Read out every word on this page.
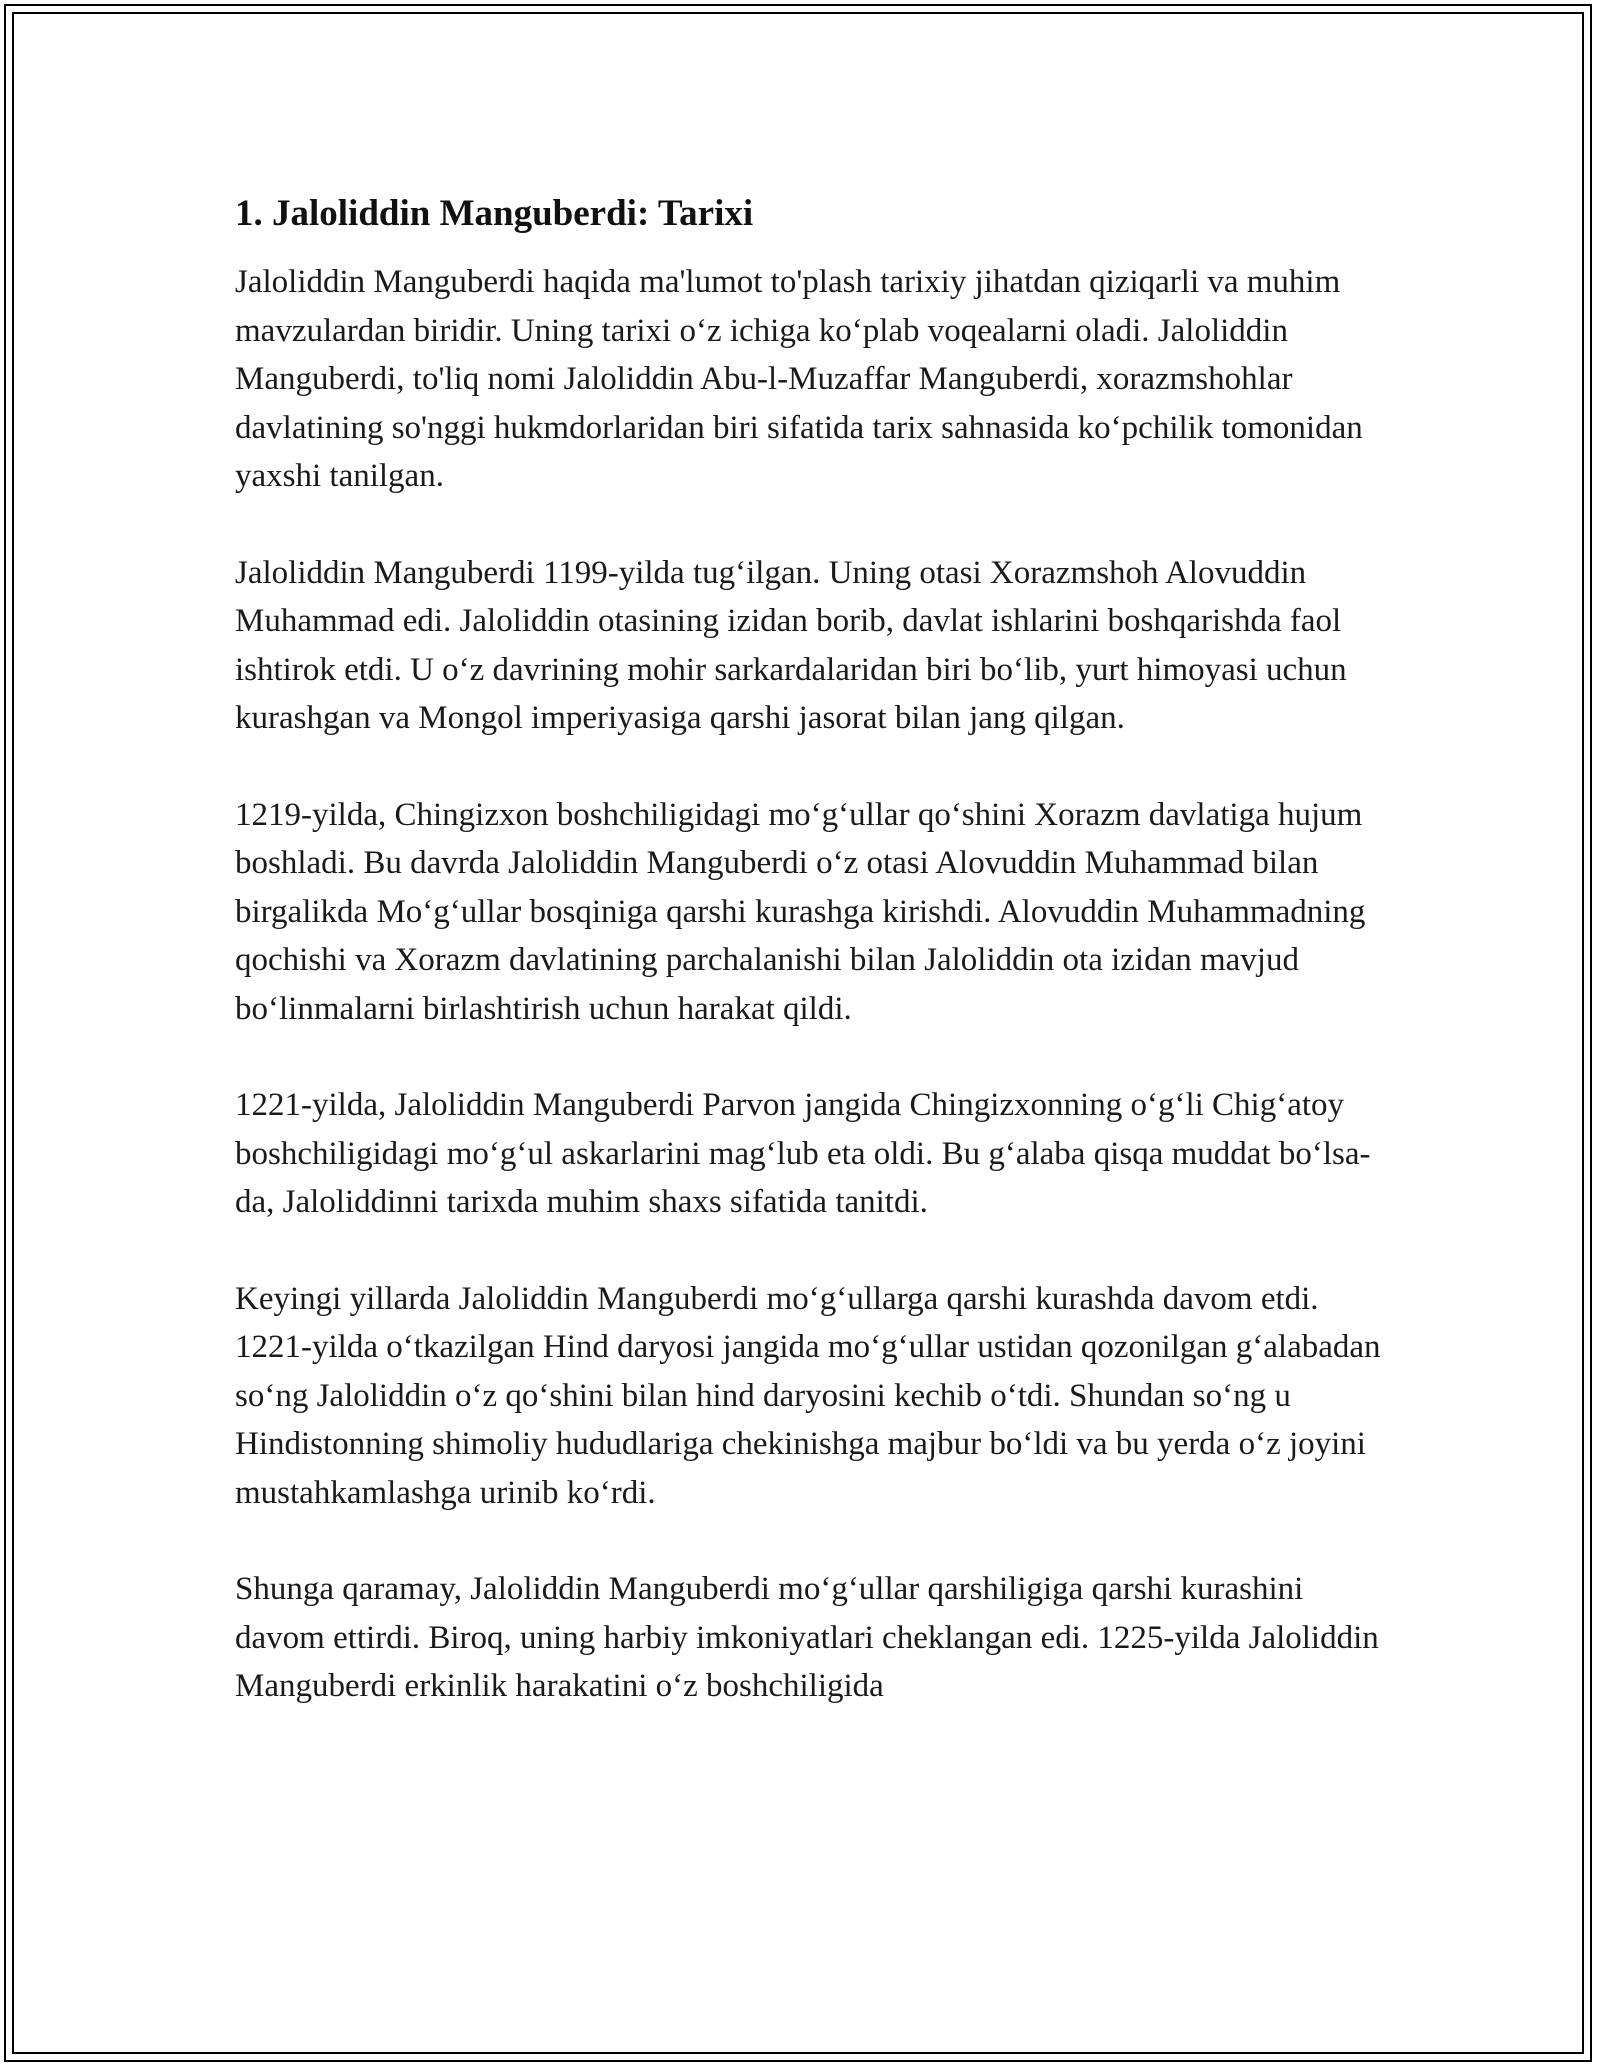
1. Jaloliddin Manguberdi: Tarixi

Jaloliddin Manguberdi haqida ma'lumot to'plash tarixiy jihatdan qiziqarli va muhim mavzulardan biridir. Uning tarixi oʻz ichiga koʻplab voqealarni oladi. Jaloliddin Manguberdi, to'liq nomi Jaloliddin Abu-l-Muzaffar Manguberdi, xorazmshohlar davlatining so'nggi hukmdorlaridan biri sifatida tarix sahnasida koʻpchilik tomonidan yaxshi tanilgan.

Jaloliddin Manguberdi 1199-yilda tugʻilgan. Uning otasi Xorazmshoh Alovuddin Muhammad edi. Jaloliddin otasining izidan borib, davlat ishlarini boshqarishda faol ishtirok etdi. U oʻz davrining mohir sarkardalaridan biri boʻlib, yurt himoyasi uchun kurashgan va Mongol imperiyasiga qarshi jasorat bilan jang qilgan.

1219-yilda, Chingizxon boshchiligidagi moʻgʻullar qoʻshini Xorazm davlatiga hujum boshladi. Bu davrda Jaloliddin Manguberdi oʻz otasi Alovuddin Muhammad bilan birgalikda Moʻgʻullar bosqiniga qarshi kurashga kirishdi. Alovuddin Muhammadning qochishi va Xorazm davlatining parchalanishi bilan Jaloliddin ota izidan mavjud boʻlinmalarni birlashtirish uchun harakat qildi.

1221-yilda, Jaloliddin Manguberdi Parvon jangida Chingizxonning oʻgʻli Chigʻatoy boshchiligidagi moʻgʻul askarlarini magʻlub eta oldi. Bu gʻalaba qisqa muddat boʻlsa-da, Jaloliddinni tarixda muhim shaxs sifatida tanitdi.

Keyingi yillarda Jaloliddin Manguberdi moʻgʻullarga qarshi kurashda davom etdi. 1221-yilda oʻtkazilgan Hind daryosi jangida moʻgʻullar ustidan qozonilgan gʻalabadan soʻng Jaloliddin oʻz qoʻshini bilan hind daryosini kechib oʻtdi. Shundan soʻng u Hindistonning shimoliy hududlariga chekinishga majbur boʻldi va bu yerda oʻz joyini mustahkamlashga urinib koʻrdi.

Shunga qaramay, Jaloliddin Manguberdi moʻgʻullar qarshiligiga qarshi kurashini davom ettirdi. Biroq, uning harbiy imkoniyatlari cheklangan edi. 1225-yilda Jaloliddin Manguberdi erkinlik harakatini oʻz boshchiligida
